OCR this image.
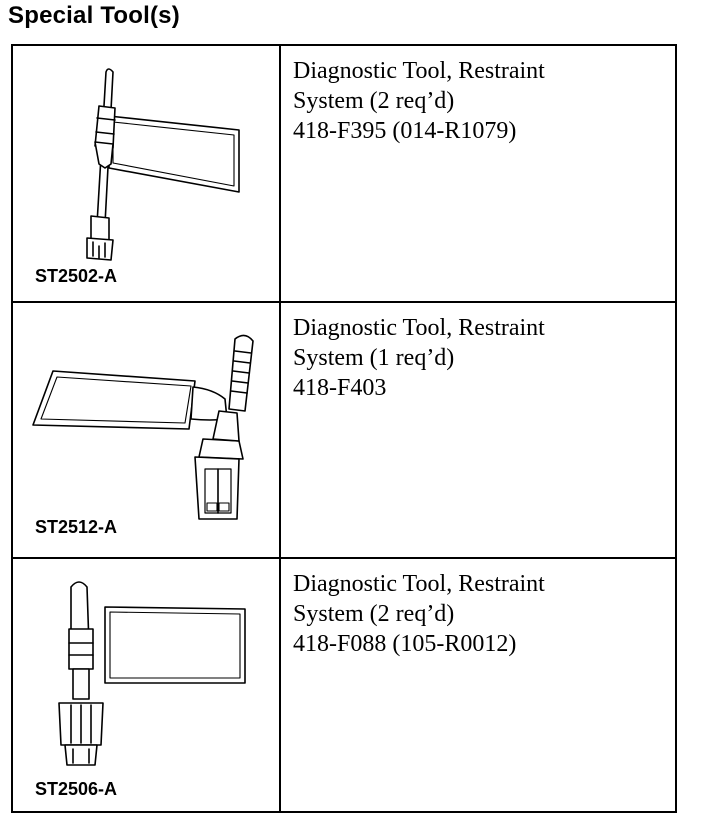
Special Tool(s)
ST2502-A
Diagnostic Tool, Restraint
System (2 req’d)
418-F395 (014-R1079)
ST2512-A
Diagnostic Tool, Restraint
System (1 req’d)
418-F403
ST2506-A
Diagnostic Tool, Restraint
System (2 req’d)
418-F088 (105-R0012)
